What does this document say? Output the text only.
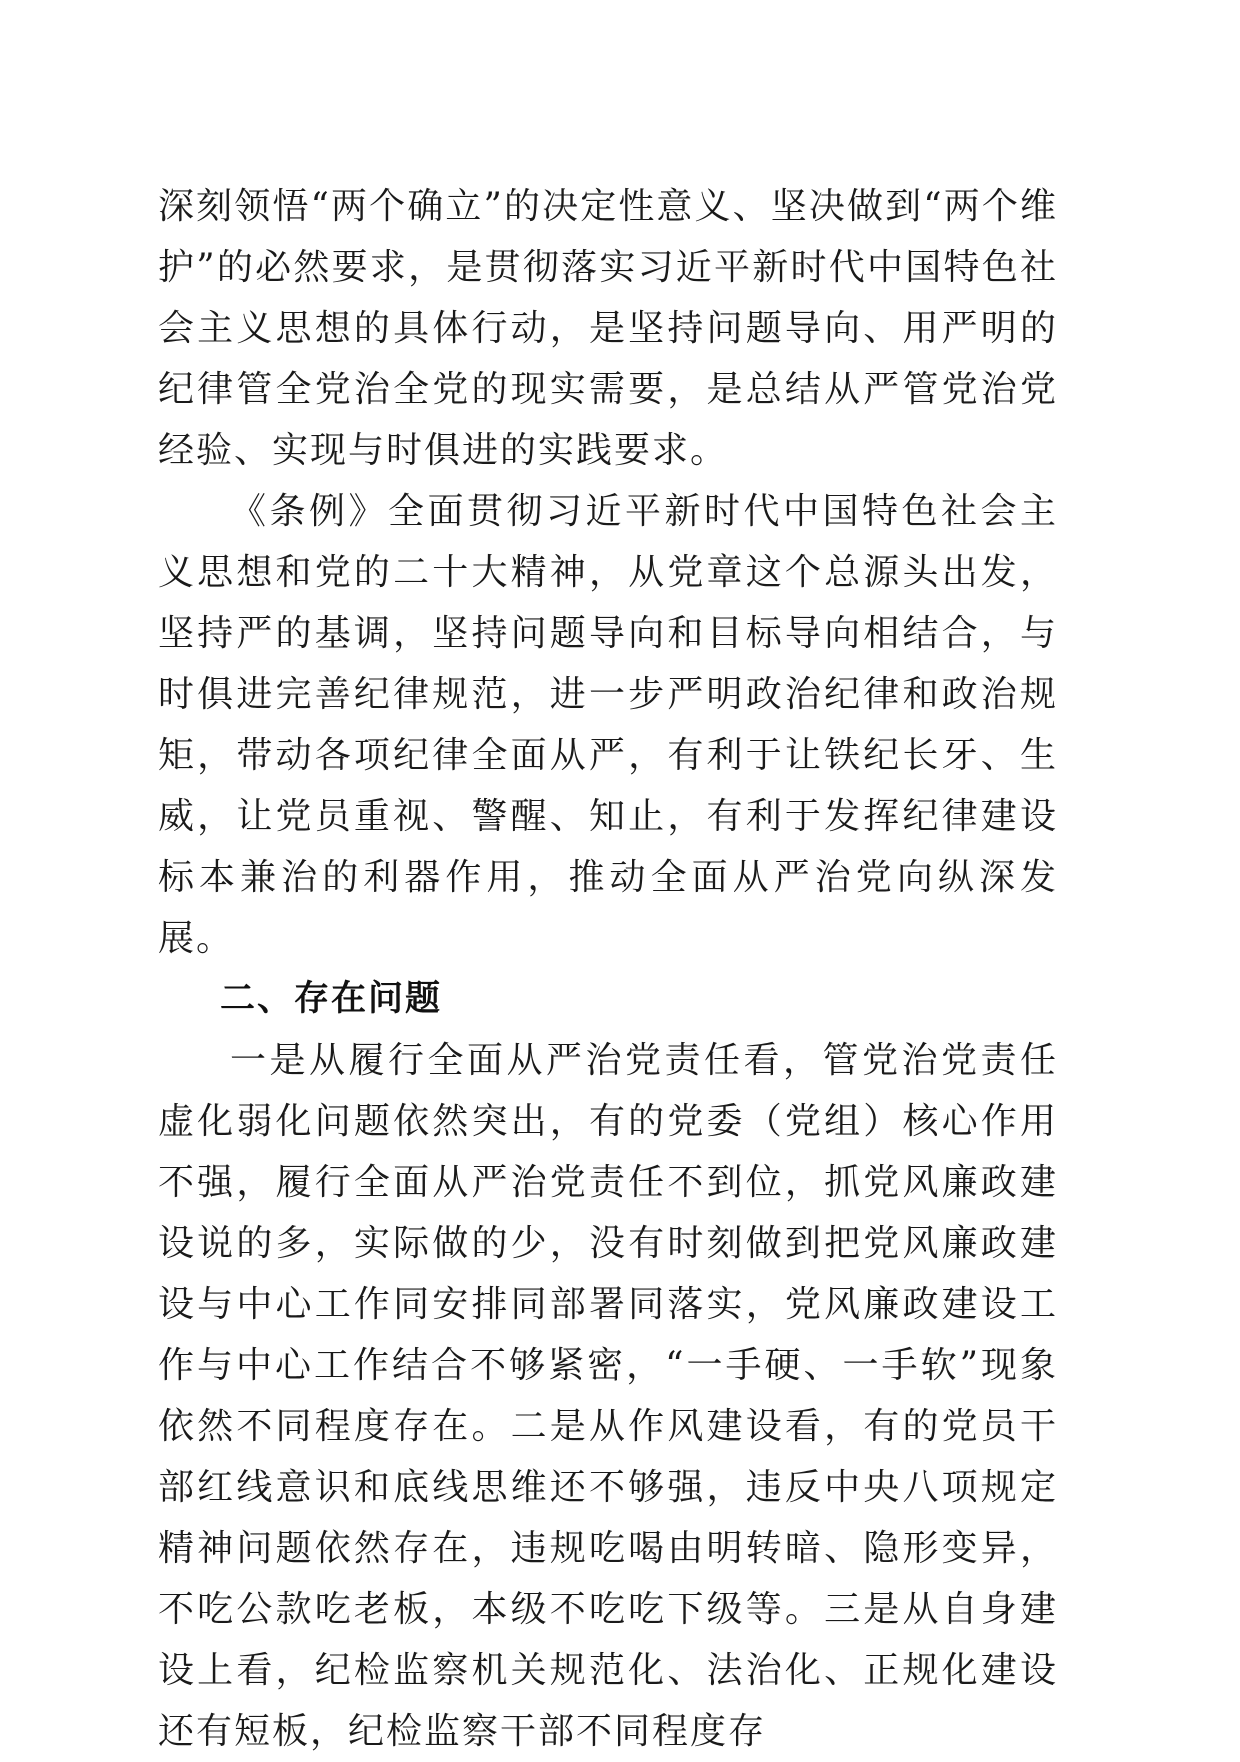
深刻领悟“两个确立”的决定性意义、坚决做到“两个维护”的必然要求，是贯彻落实习近平新时代中国特色社会主义思想的具体行动，是坚持问题导向、用严明的纪律管全党治全党的现实需要，是总结从严管党治党经验、实现与时俱进的实践要求。

《条例》全面贯彻习近平新时代中国特色社会主义思想和党的二十大精神，从党章这个总源头出发，坚持严的基调，坚持问题导向和目标导向相结合，与时俱进完善纪律规范，进一步严明政治纪律和政治规矩，带动各项纪律全面从严，有利于让铁纪长牙、生威，让党员重视、警醒、知止，有利于发挥纪律建设标本兼治的利器作用，推动全面从严治党向纵深发展。

二、存在问题

一是从履行全面从严治党责任看，管党治党责任虚化弱化问题依然突出，有的党委（党组）核心作用不强，履行全面从严治党责任不到位，抓党风廉政建设说的多，实际做的少，没有时刻做到把党风廉政建设与中心工作同安排同部署同落实，党风廉政建设工作与中心工作结合不够紧密，“一手硬、一手软”现象依然不同程度存在。二是从作风建设看，有的党员干部红线意识和底线思维还不够强，违反中央八项规定精神问题依然存在，违规吃喝由明转暗、隐形变异，不吃公款吃老板，本级不吃吃下级等。三是从自身建设上看，纪检监察机关规范化、法治化、正规化建设还有短板，纪检监察干部不同程度存
